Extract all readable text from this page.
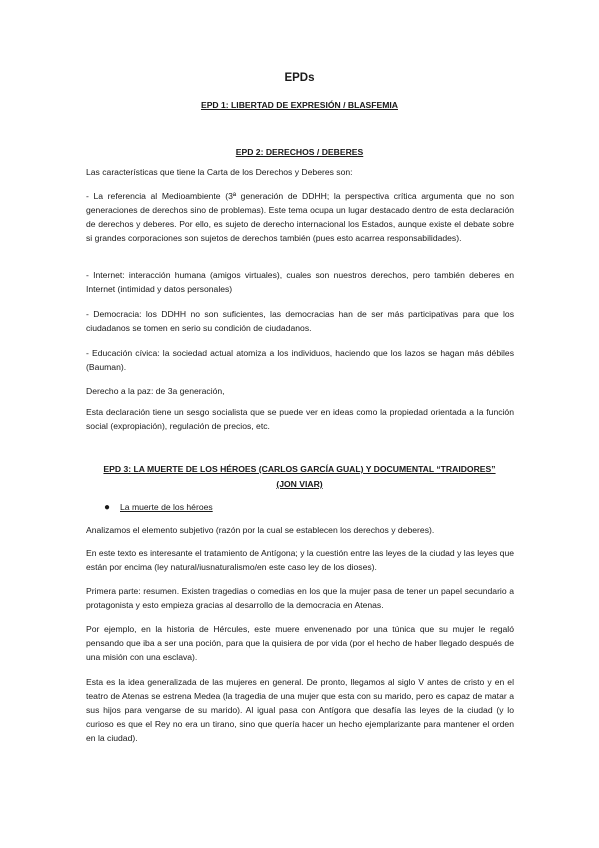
EPDs
EPD 1: LIBERTAD DE EXPRESIÓN / BLASFEMIA
EPD 2: DERECHOS / DEBERES

Las características que tiene la Carta de los Derechos y Deberes son:

- La referencia al Medioambiente (3ª generación de DDHH; la perspectiva crítica argumenta que no son generaciones de derechos sino de problemas). Este tema ocupa un lugar destacado dentro de esta declaración de derechos y deberes. Por ello, es sujeto de derecho internacional los Estados, aunque existe el debate sobre si grandes corporaciones son sujetos de derechos también (pues esto acarrea responsabilidades).

- Internet: interacción humana (amigos virtuales), cuales son nuestros derechos, pero también deberes en Internet (intimidad y datos personales)

- Democracia: los DDHH no son suficientes, las democracias han de ser más participativas para que los ciudadanos se tomen en serio su condición de ciudadanos.

- Educación cívica: la sociedad actual atomiza a los individuos, haciendo que los lazos se hagan más débiles (Bauman).

Derecho a la paz: de 3a generación,

Esta declaración tiene un sesgo socialista que se puede ver en ideas como la propiedad orientada a la función social (expropiación), regulación de precios, etc.

EPD 3: LA MUERTE DE LOS HÉROES (CARLOS GARCÍA GUAL) Y DOCUMENTAL “TRAIDORES”
(JON VIAR)
● La muerte de los héroes

Analizamos el elemento subjetivo (razón por la cual se establecen los derechos y deberes).

En este texto es interesante el tratamiento de Antígona; y la cuestión entre las leyes de la ciudad y las leyes que están por encima (ley natural/iusnaturalismo/en este caso ley de los dioses).

Primera parte: resumen. Existen tragedias o comedias en los que la mujer pasa de tener un papel secundario a protagonista y esto empieza gracias al desarrollo de la democracia en Atenas.

Por ejemplo, en la historia de Hércules, este muere envenenado por una túnica que su mujer le regaló pensando que iba a ser una poción, para que la quisiera de por vida (por el hecho de haber llegado después de una misión con una esclava).

Esta es la idea generalizada de las mujeres en general. De pronto, llegamos al siglo V antes de cristo y en el teatro de Atenas se estrena Medea (la tragedia de una mujer que esta con su marido, pero es capaz de matar a sus hijos para vengarse de su marido). Al igual pasa con Antígora que desafía las leyes de la ciudad (y lo curioso es que el Rey no era un tirano, sino que quería hacer un hecho ejemplarizante para mantener el orden en la ciudad).
